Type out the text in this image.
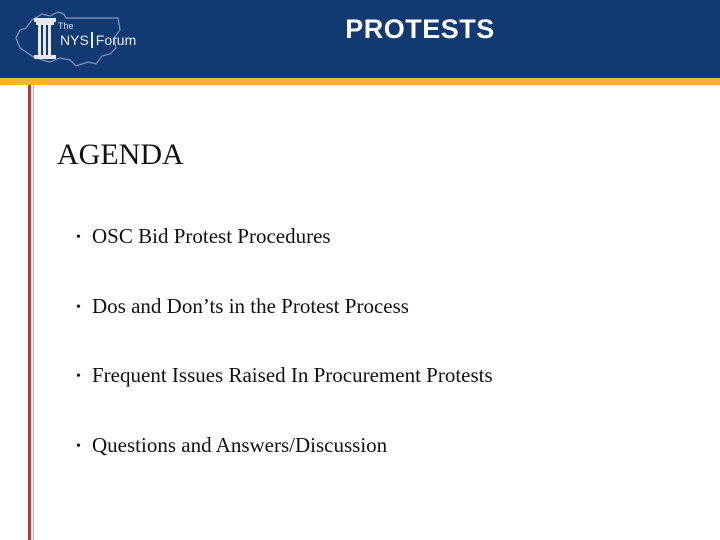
The
NYS Forum	PROTESTS
AGENDA
• OSC Bid Protest Procedures
• Dos and Don’ts in the Protest Process
• Frequent Issues Raised In Procurement Protests
• Questions and Answers/Discussion
